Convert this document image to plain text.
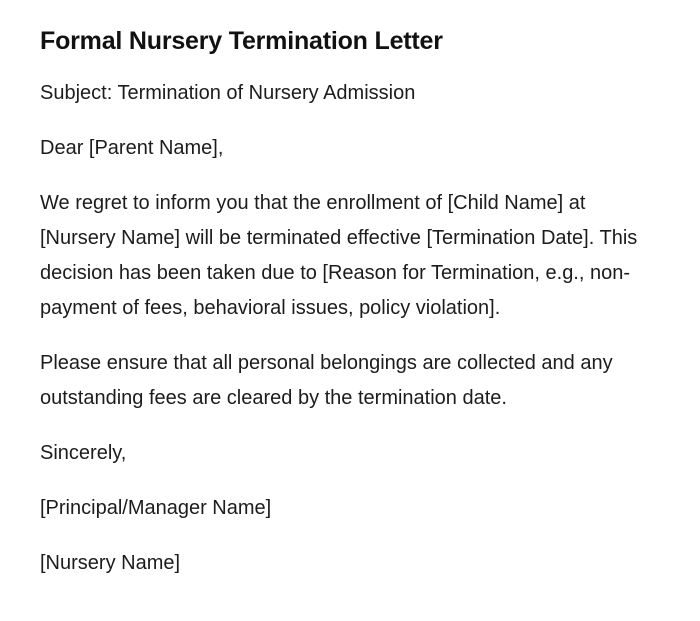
Formal Nursery Termination Letter

Subject: Termination of Nursery Admission

Dear [Parent Name],

We regret to inform you that the enrollment of [Child Name] at [Nursery Name] will be terminated effective [Termination Date]. This decision has been taken due to [Reason for Termination, e.g., non-payment of fees, behavioral issues, policy violation].

Please ensure that all personal belongings are collected and any outstanding fees are cleared by the termination date.

Sincerely,

[Principal/Manager Name]

[Nursery Name]
